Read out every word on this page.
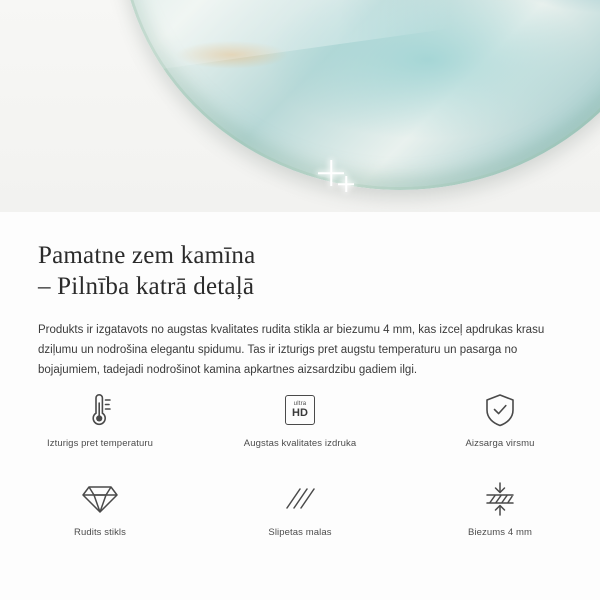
Pamatne zem kamīna
– Pilnība katrā detaļā

Produkts ir izgatavots no augstas kvalitates rudita stikla ar biezumu 4 mm, kas izceļ apdrukas krasu dziļumu un nodrošina elegantu spidumu. Tas ir izturigs pret augstu temperaturu un pasarga no bojajumiem, tadejadi nodrošinot kamina apkartnes aizsardzibu gadiem ilgi.

Izturigs pret temperaturu
ultra
HD
Augstas kvalitates izdruka	Aizsarga virsmu
Rudits stikls	Slipetas malas	Biezums 4 mm
